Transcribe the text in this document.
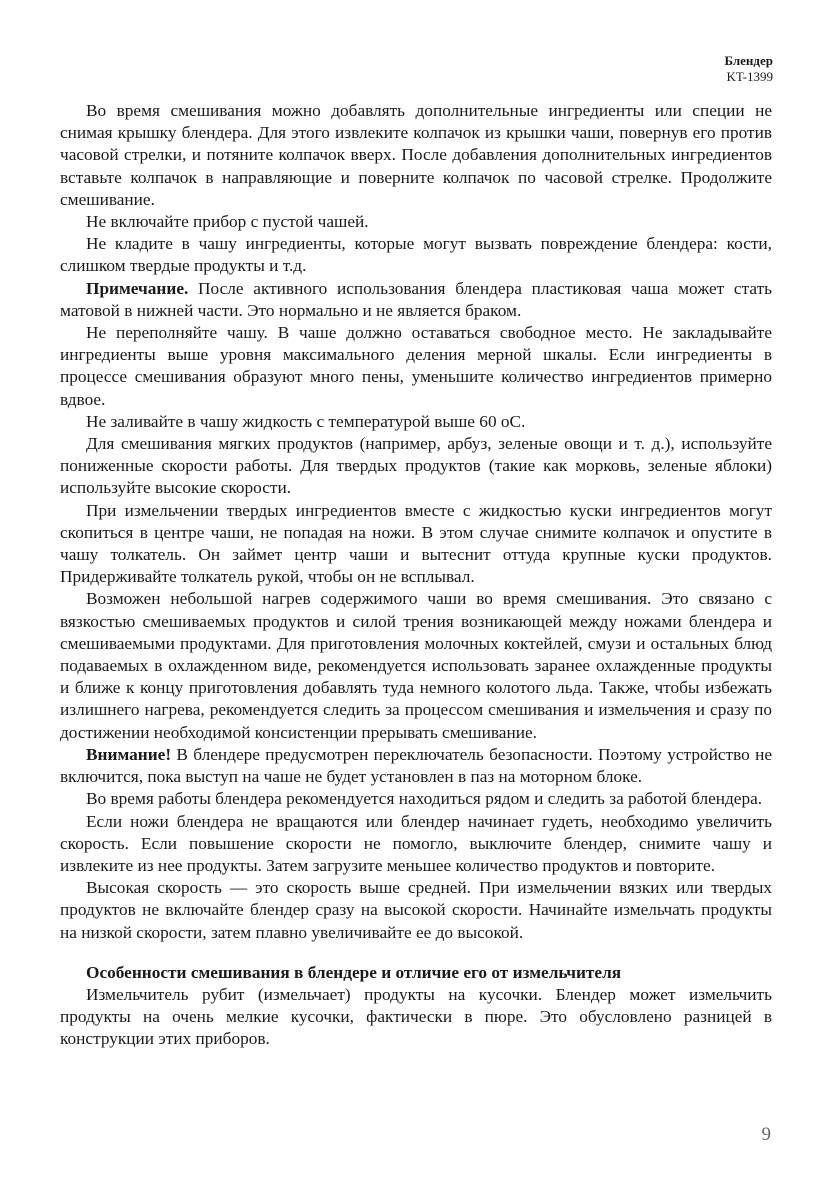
Блендер
KT-1399

Во время смешивания можно добавлять дополнительные ингредиенты или специи не снимая крышку блендера. Для этого извлеките колпачок из крышки чаши, повернув его против часовой стрелки, и потяните колпачок вверх. После добавления дополнительных ингредиентов вставьте колпачок в направляющие и поверните колпачок по часовой стрелке. Продолжите смешивание.

Не включайте прибор с пустой чашей.

Не кладите в чашу ингредиенты, которые могут вызвать повреждение блендера: кости, слишком твердые продукты и т.д.

Примечание. После активного использования блендера пластиковая чаша может стать матовой в нижней части. Это нормально и не является браком.

Не переполняйте чашу. В чаше должно оставаться свободное место. Не закладывайте ингредиенты выше уровня максимального деления мерной шкалы. Если ингредиенты в процессе смешивания образуют много пены, уменьшите количество ингредиентов примерно вдвое.

Не заливайте в чашу жидкость с температурой выше 60 оС.

Для смешивания мягких продуктов (например, арбуз, зеленые овощи и т. д.), используйте пониженные скорости работы. Для твердых продуктов (такие как морковь, зеленые яблоки) используйте высокие скорости.

При измельчении твердых ингредиентов вместе с жидкостью куски ингредиентов могут скопиться в центре чаши, не попадая на ножи. В этом случае снимите колпачок и опустите в чашу толкатель. Он займет центр чаши и вытеснит оттуда крупные куски продуктов. Придерживайте толкатель рукой, чтобы он не всплывал.

Возможен небольшой нагрев содержимого чаши во время смешивания. Это связано с вязкостью смешиваемых продуктов и силой трения возникающей между ножами блендера и смешиваемыми продуктами. Для приготовления молочных коктейлей, смузи и остальных блюд подаваемых в охлажденном виде, рекомендуется использовать заранее охлажденные продукты и ближе к концу приготовления добавлять туда немного колотого льда. Также, чтобы избежать излишнего нагрева, рекомендуется следить за процессом смешивания и измельчения и сразу по достижении необходимой консистенции прерывать смешивание.

Внимание! В блендере предусмотрен переключатель безопасности. Поэтому устройство не включится, пока выступ на чаше не будет установлен в паз на моторном блоке.

Во время работы блендера рекомендуется находиться рядом и следить за работой блендера.

Если ножи блендера не вращаются или блендер начинает гудеть, необходимо увеличить скорость. Если повышение скорости не помогло, выключите блендер, снимите чашу и извлеките из нее продукты. Затем загрузите меньшее количество продуктов и повторите.

Высокая скорость — это скорость выше средней. При измельчении вязких или твердых продуктов не включайте блендер сразу на высокой скорости. Начинайте измельчать продукты на низкой скорости, затем плавно увеличивайте ее до высокой.

Особенности смешивания в блендере и отличие его от измельчителя

Измельчитель рубит (измельчает) продукты на кусочки. Блендер может измельчить продукты на очень мелкие кусочки, фактически в пюре. Это обусловлено разницей в конструкции этих приборов.

9
